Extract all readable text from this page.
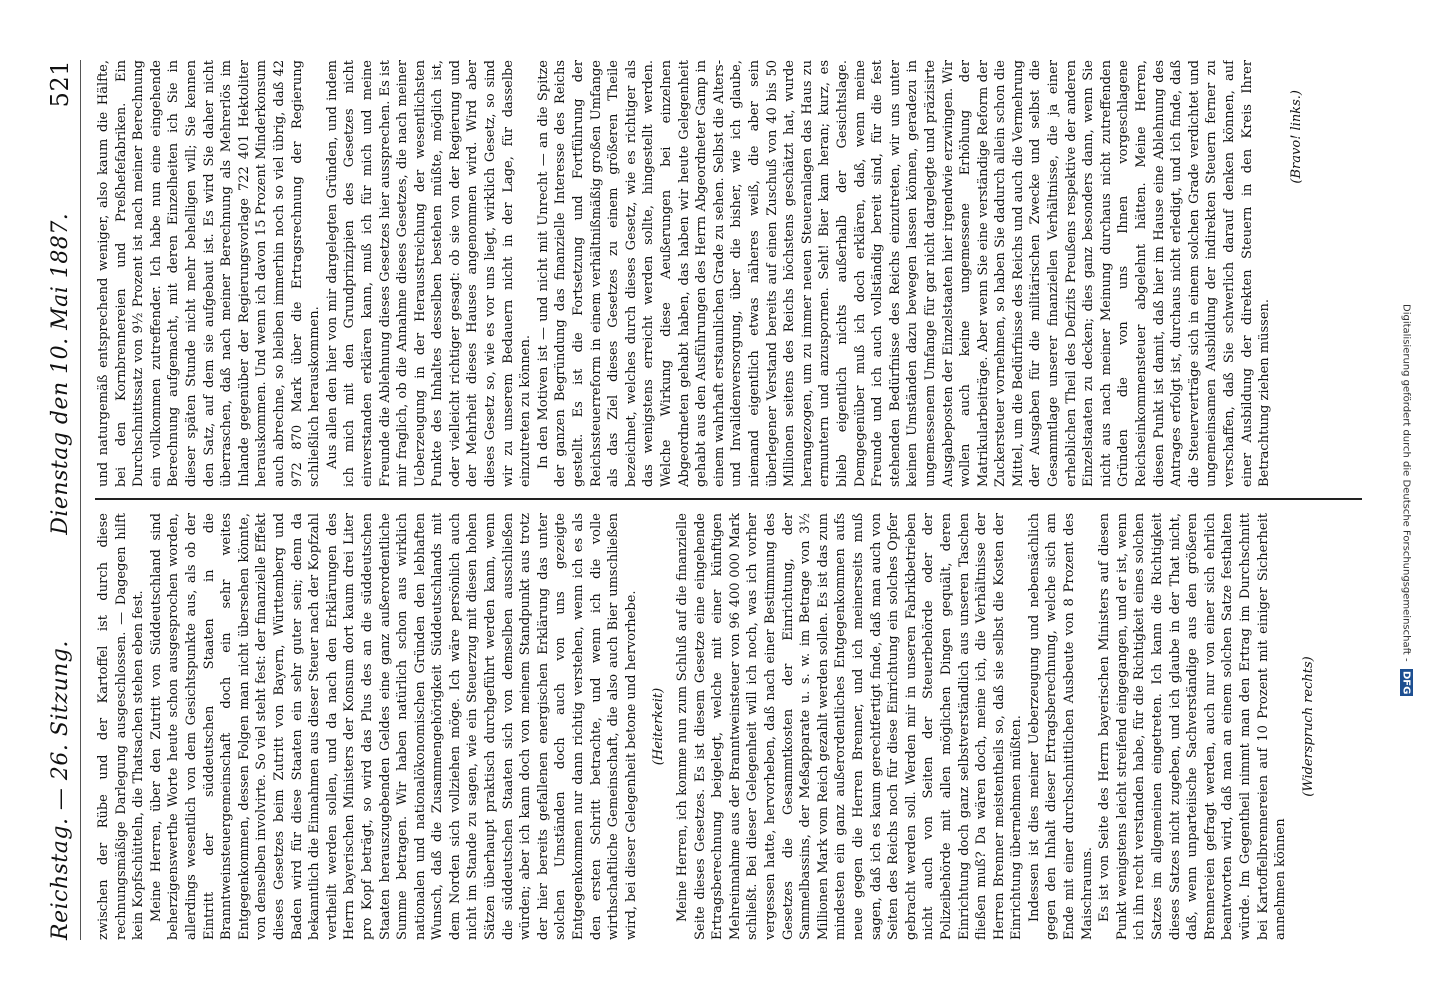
Reichstag. — 26. Sitzung.
Dienstag den 10. Mai 1887.
521

zwischen der Rübe und der Kartoffel ist durch diese rechnungsmäßige Darlegung ausgeschlossen. — Dagegen hilft kein Kopfschütteln, die Thatsachen stehen eben fest. Meine Herren, über den Zutritt von Süddeutschland sind beherzigenswerthe Worte heute schon ausgesprochen worden, allerdings wesentlich von dem Gesichtspunkte aus, als ob der Eintritt der süddeutschen Staaten in die Branntweinsteuergemeinschaft doch ein sehr weites Entgegenkommen, dessen Folgen man nicht übersehen könnte, von denselben involvirte. So viel steht fest: der finanzielle Effekt dieses Gesetzes beim Zutritt von Bayern, Württemberg und Baden wird für diese Staaten ein sehr guter sein; denn da bekanntlich die Einnahmen aus dieser Steuer nach der Kopfzahl vertheilt werden sollen, und da nach den Erklärungen des Herrn bayerischen Ministers der Konsum dort kaum drei Liter pro Kopf beträgt, so wird das Plus des an die süddeutschen Staaten herauszugebenden Geldes eine ganz außerordentliche Summe betragen. Wir haben natürlich schon aus wirklich nationalen und nationalökonomischen Gründen den lebhaften Wunsch, daß die Zusammengehörigkeit Süddeutschlands mit dem Norden sich vollziehen möge. Ich wäre persönlich auch nicht im Stande zu sagen, wie ein Steuerzug mit diesen hohen Sätzen überhaupt praktisch durchgeführt werden kann, wenn die süddeutschen Staaten sich von demselben ausschließen würden; aber ich kann doch von meinem Standpunkt aus trotz der hier bereits gefallenen energischen Erklärung das unter solchen Umständen doch auch von uns gezeigte Entgegenkommen nur dann richtig verstehen, wenn ich es als den ersten Schritt betrachte, und wenn ich die volle wirthschaftliche Gemeinschaft, die also auch Bier umschließen wird, bei dieser Gelegenheit betone und hervorhebe. (Heiterkeit) Meine Herren, ich komme nun zum Schluß auf die finanzielle Seite dieses Gesetzes. Es ist diesem Gesetze eine eingehende Ertragsberechnung beigelegt, welche mit einer künftigen Mehreinnahme aus der Branntweinsteuer von 96 400 000 Mark schließt. Bei dieser Gelegenheit will ich noch, was ich vorher vergessen hatte, hervorheben, daß nach einer Bestimmung des Gesetzes die Gesammtkosten der Einrichtung, der Sammelbassins, der Meßapparate u. s. w. im Betrage von 3½ Millionen Mark vom Reich gezahlt werden sollen. Es ist das zum mindesten ein ganz außerordentliches Entgegenkommen aufs neue gegen die Herren Brenner, und ich meinerseits muß sagen, daß ich es kaum gerechtfertigt finde, daß man auch von Seiten des Reichs noch für diese Einrichtung ein solches Opfer gebracht werden soll. Werden mir in unseren Fabrikbetrieben nicht auch von Seiten der Steuerbehörde oder der Polizeibehörde mit allen möglichen Dingen gequält, deren Einrichtung doch ganz selbstverständlich aus unseren Taschen fließen muß? Da wären doch, meine ich, die Verhältnisse der Herren Brenner meistentheils so, daß sie selbst die Kosten der Einrichtung übernehmen müßten. Indessen ist dies meiner Ueberzeugung und nebensächlich gegen den Inhalt dieser Ertragsberechnung, welche sich am Ende mit einer durchschnittlichen Ausbeute von 8 Prozent des Maischraums. Es ist von Seite des Herrn bayerischen Ministers auf diesen Punkt wenigstens leicht streifend eingegangen, und er ist, wenn ich ihn recht verstanden habe, für die Richtigkeit eines solchen Satzes im allgemeinen eingetreten. Ich kann die Richtigkeit dieses Satzes nicht zugeben, und ich glaube in der That nicht, daß, wenn unparteiische Sachverständige aus den größeren Brennereien gefragt werden, auch nur von einer sich ehrlich beantworten wird, daß man an einem solchen Satze festhalten würde. Im Gegentheil nimmt man den Ertrag im Durchschnitt bei Kartoffelbrennereien auf 10 Prozent mit einiger Sicherheit annehmen können

(Widerspruch rechts)

und naturgemäß entsprechend weniger, also kaum die Hälfte, bei den Kornbrennereien und Preßhefefabriken. Ein Durchschnittssatz von 9½ Prozent ist nach meiner Berechnung ein vollkommen zutreffender. Ich habe nun eine eingehende Berechnung aufgemacht, mit deren Einzelheiten ich Sie in dieser späten Stunde nicht mehr behelligen will; Sie kennen den Satz, auf dem sie aufgebaut ist. Es wird Sie daher nicht überraschen, daß nach meiner Berechnung als Mehrerlös im Inlande gegenüber der Regierungsvorlage 722 401 Hektoliter herauskommen. Und wenn ich davon 15 Prozent Minderkonsum auch abrechne, so bleiben immerhin noch so viel übrig, daß 42 972 870 Mark über die Ertragsrechnung der Regierung schließlich herauskommen. Aus allen den hier von mir dargelegten Gründen, und indem ich mich mit den Grundprinzipien des Gesetzes nicht einverstanden erklären kann, muß ich für mich und meine Freunde die Ablehnung dieses Gesetzes hier aussprechen. Es ist mir fraglich, ob die Annahme dieses Gesetzes, die nach meiner Ueberzeugung in der Herausstreichung der wesentlichsten Punkte des Inhaltes desselben bestehen müßte, möglich ist, oder vielleicht richtiger gesagt: ob sie von der Regierung und der Mehrheit dieses Hauses angenommen wird. Wird aber dieses Gesetz so, wie es vor uns liegt, wirklich Gesetz, so sind wir zu unserem Bedauern nicht in der Lage, für dasselbe einzutreten zu können. In den Motiven ist — und nicht mit Unrecht — an die Spitze der ganzen Begründung das finanzielle Interesse des Reichs gestellt. Es ist die Fortsetzung und Fortführung der Reichssteuerreform in einem verhältnißmäßig großen Umfange als das Ziel dieses Gesetzes zu einem größeren Theile bezeichnet, welches durch dieses Gesetz, wie es richtiger als das wenigstens erreicht werden sollte, hingestellt werden. Welche Wirkung diese Aeußerungen bei einzelnen Abgeordneten gehabt haben, das haben wir heute Gelegenheit gehabt aus den Ausführungen des Herrn Abgeordneter Gamp in einem wahrhaft erstaunlichen Grade zu sehen. Selbst die Alters- und Invalidenversorgung, über die bisher, wie ich glaube, niemand eigentlich etwas näheres weiß, die aber sein überlegener Verstand bereits auf einen Zuschuß von 40 bis 50 Millionen seitens des Reichs höchstens geschätzt hat, wurde herangezogen, um zu immer neuen Steueranlagen das Haus zu ermuntern und anzuspornen. Seht! Bier kam heran; kurz, es blieb eigentlich nichts außerhalb der Gesichtslage. Demgegenüber muß ich doch erklären, daß, wenn meine Freunde und ich auch vollständig bereit sind, für die fest stehenden Bedürfnisse des Reichs einzutreten, wir uns unter keinen Umständen dazu bewegen lassen können, geradezu in ungemessenem Umfange für gar nicht dargelegte und präzisirte Ausgabeposten der Einzelstaaten hier irgendwie erzwingen. Wir wollen auch keine ungemessene Erhöhung der Matrikularbeiträge. Aber wenn Sie eine verständige Reform der Zuckersteuer vornehmen, so haben Sie dadurch allein schon die Mittel, um die Bedürfnisse des Reichs und auch die Vermehrung der Ausgaben für die militärischen Zwecke und selbst die Gesammtlage unserer finanziellen Verhältnisse, die ja einer erheblichen Theil des Defizits Preußens respektive der anderen Einzelstaaten zu decken; dies ganz besonders dann, wenn Sie nicht aus nach meiner Meinung durchaus nicht zutreffenden Gründen die von uns Ihnen vorgeschlagene Reichseinkommensteuer abgelehnt hätten. Meine Herren, diesen Punkt ist damit, daß hier im Hause eine Ablehnung des Antrages erfolgt ist, durchaus nicht erledigt, und ich finde, daß die Steuerverträge sich in einem solchen Grade verdichtet und ungemeinsamen Ausbildung der indirekten Steuern ferner zu verschaffen, daß Sie schwerlich darauf denken können, auf einer Ausbildung der direkten Steuern in den Kreis Ihrer Betrachtung ziehen müssen.

(Bravo! links.)

Digitalisierung gefördert durch die Deutsche Forschungsgemeinschaft - DFG
